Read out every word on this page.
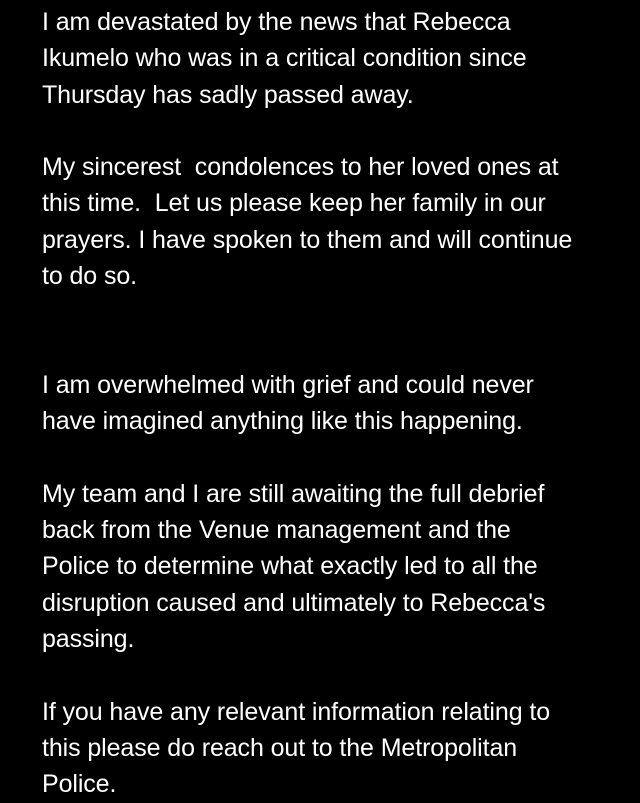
I am devastated by the news that Rebecca
Ikumelo who was in a critical condition since
Thursday has sadly passed away.

My sincerest  condolences to her loved ones at
this time.  Let us please keep her family in our
prayers. I have spoken to them and will continue
to do so.

I am overwhelmed with grief and could never
have imagined anything like this happening.

My team and I are still awaiting the full debrief
back from the Venue management and the
Police to determine what exactly led to all the
disruption caused and ultimately to Rebecca's
passing.

If you have any relevant information relating to
this please do reach out to the Metropolitan
Police.
